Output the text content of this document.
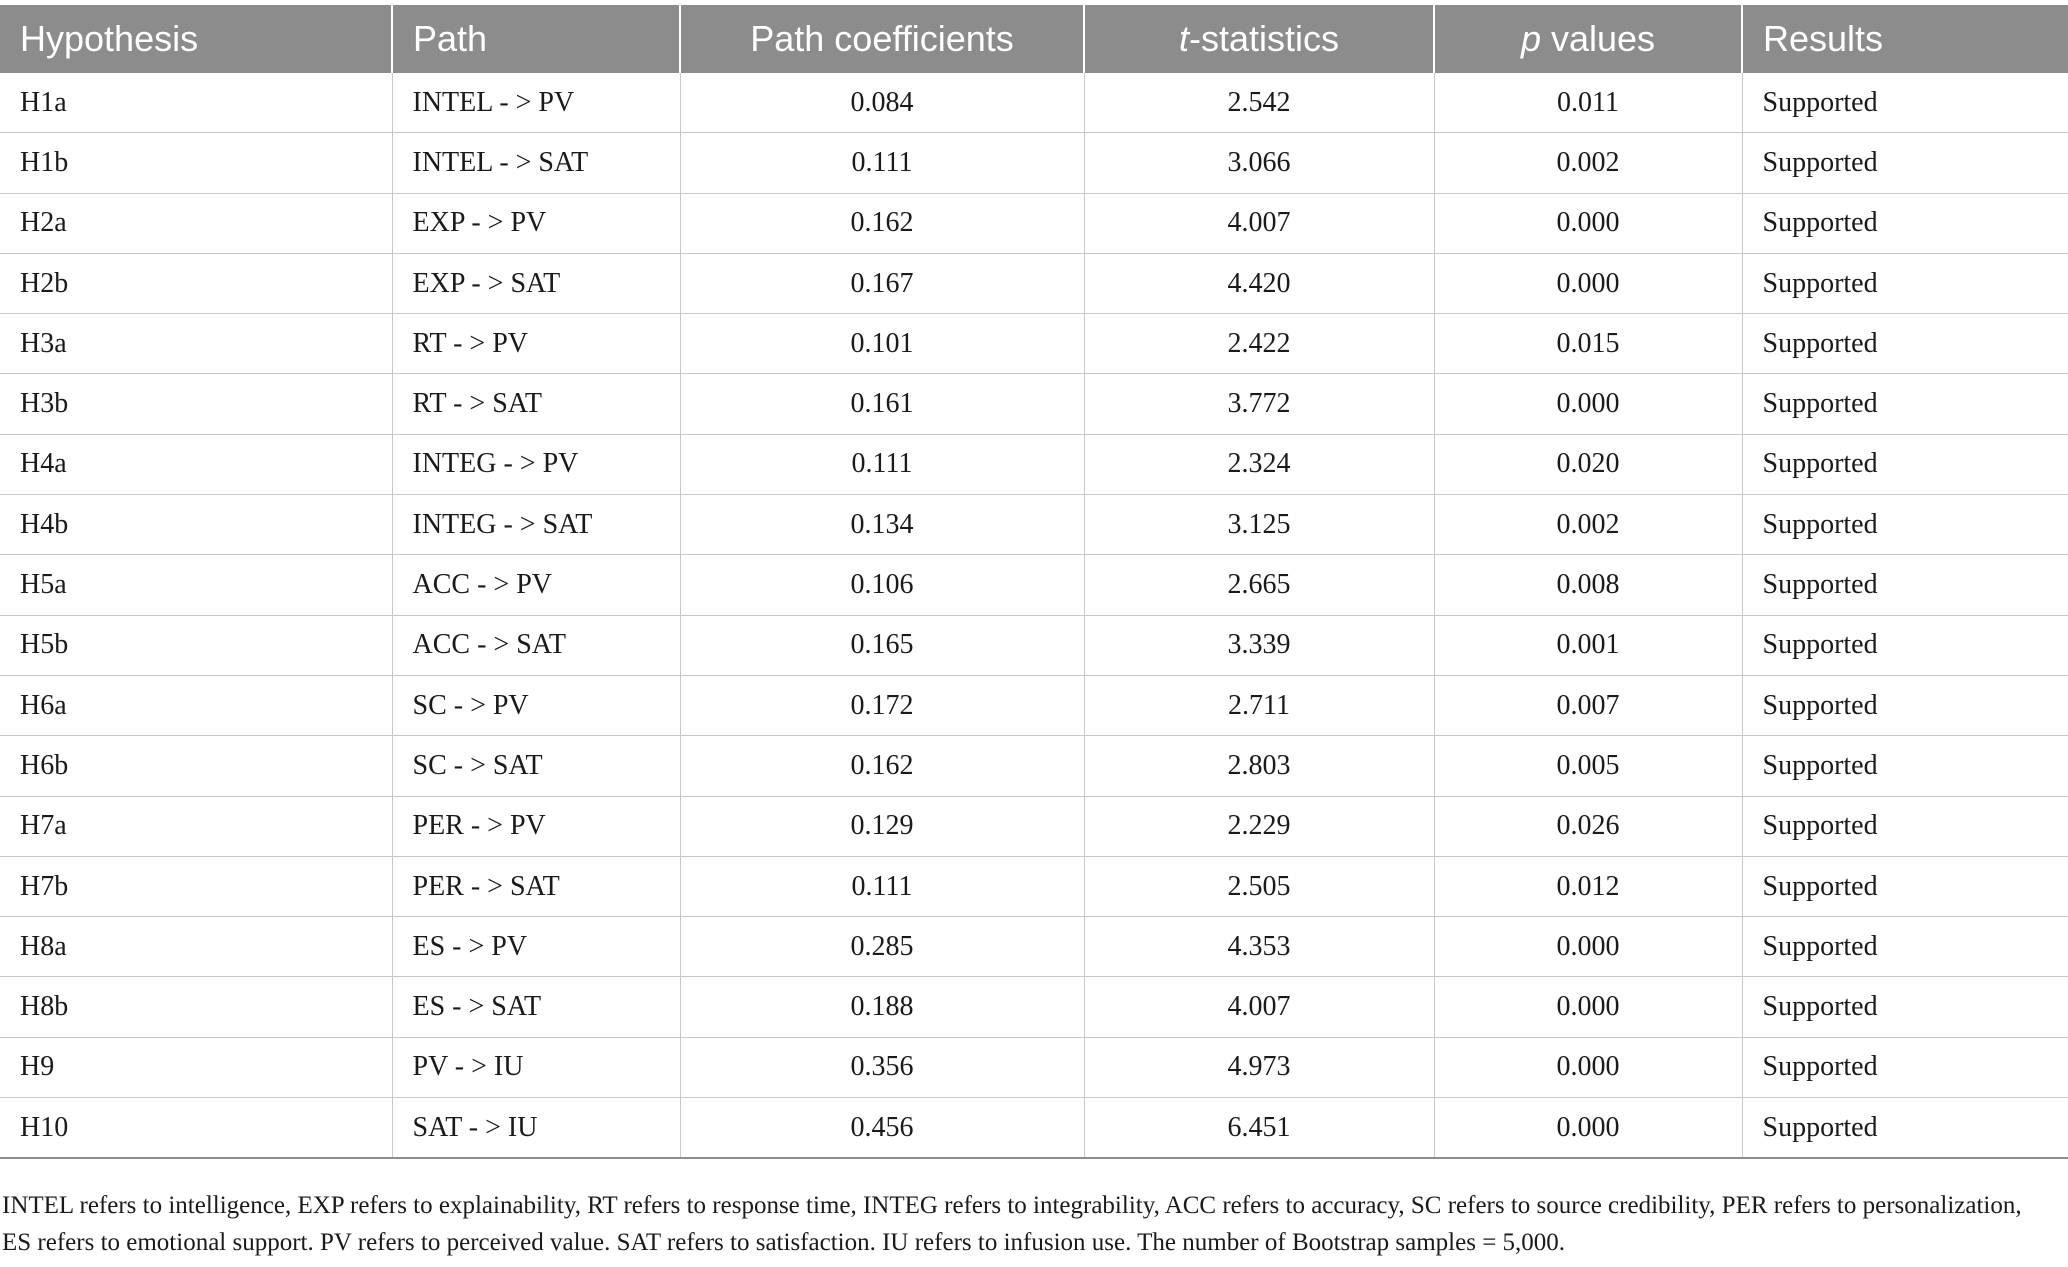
Hypothesis	Path	Path coefficients	t-statistics	p values	Results
H1a	INTEL - > PV	0.084	2.542	0.011	Supported
H1b	INTEL - > SAT	0.111	3.066	0.002	Supported
H2a	EXP - > PV	0.162	4.007	0.000	Supported
H2b	EXP - > SAT	0.167	4.420	0.000	Supported
H3a	RT - > PV	0.101	2.422	0.015	Supported
H3b	RT - > SAT	0.161	3.772	0.000	Supported
H4a	INTEG - > PV	0.111	2.324	0.020	Supported
H4b	INTEG - > SAT	0.134	3.125	0.002	Supported
H5a	ACC - > PV	0.106	2.665	0.008	Supported
H5b	ACC - > SAT	0.165	3.339	0.001	Supported
H6a	SC - > PV	0.172	2.711	0.007	Supported
H6b	SC - > SAT	0.162	2.803	0.005	Supported
H7a	PER - > PV	0.129	2.229	0.026	Supported
H7b	PER - > SAT	0.111	2.505	0.012	Supported
H8a	ES - > PV	0.285	4.353	0.000	Supported
H8b	ES - > SAT	0.188	4.007	0.000	Supported
H9	PV - > IU	0.356	4.973	0.000	Supported
H10	SAT - > IU	0.456	6.451	0.000	Supported

INTEL refers to intelligence, EXP refers to explainability, RT refers to response time, INTEG refers to integrability, ACC refers to accuracy, SC refers to source credibility, PER refers to personalization, ES refers to emotional support. PV refers to perceived value. SAT refers to satisfaction. IU refers to infusion use. The number of Bootstrap samples = 5,000.
